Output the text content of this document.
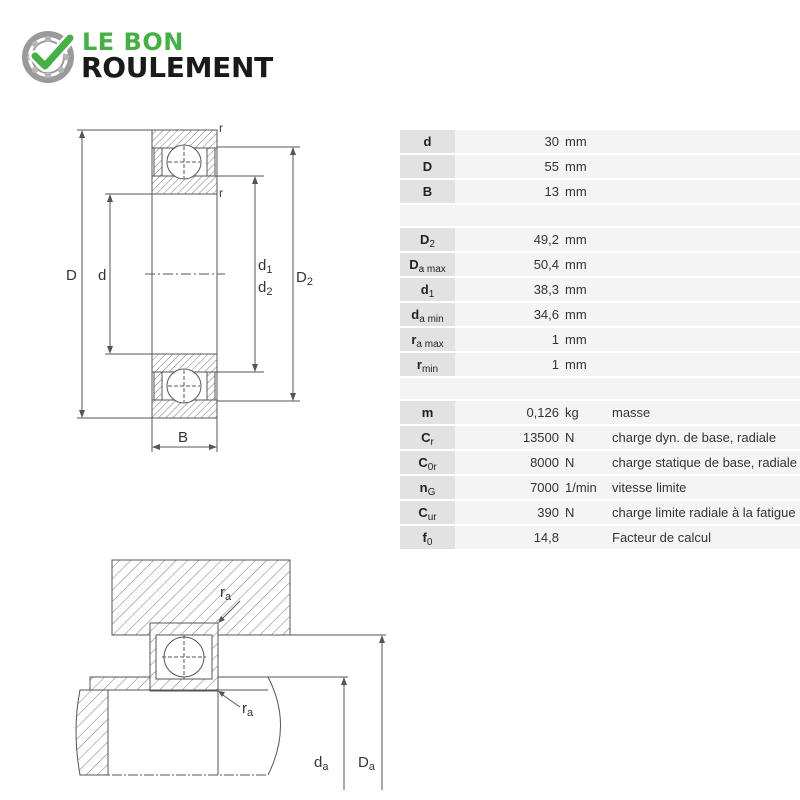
LE BON
ROULEMENT
D d
$d_1$
$d_2$
$D_2$
B
r
r
$r_a$
$r_a$
$d_a$ $D_a$
d	30	mm	
D	55	mm	
B	13	mm	

$D_2$	49,2	mm	
$D_{a max}$	50,4	mm	
$d_1$	38,3	mm	
$d_{a min}$	34,6	mm	
$r_{a max}$	1	mm	
$r_{min}$	1	mm	

m	0,126	kg	masse
$C_r$	13500	N	charge dyn. de base, radiale
$C_{0r}$	8000	N	charge statique de base, radiale
$n_G$	7000	1/min	vitesse limite
$C_{ur}$	390	N	charge limite radiale à la fatigue
$f_0$	14,8		Facteur de calcul
